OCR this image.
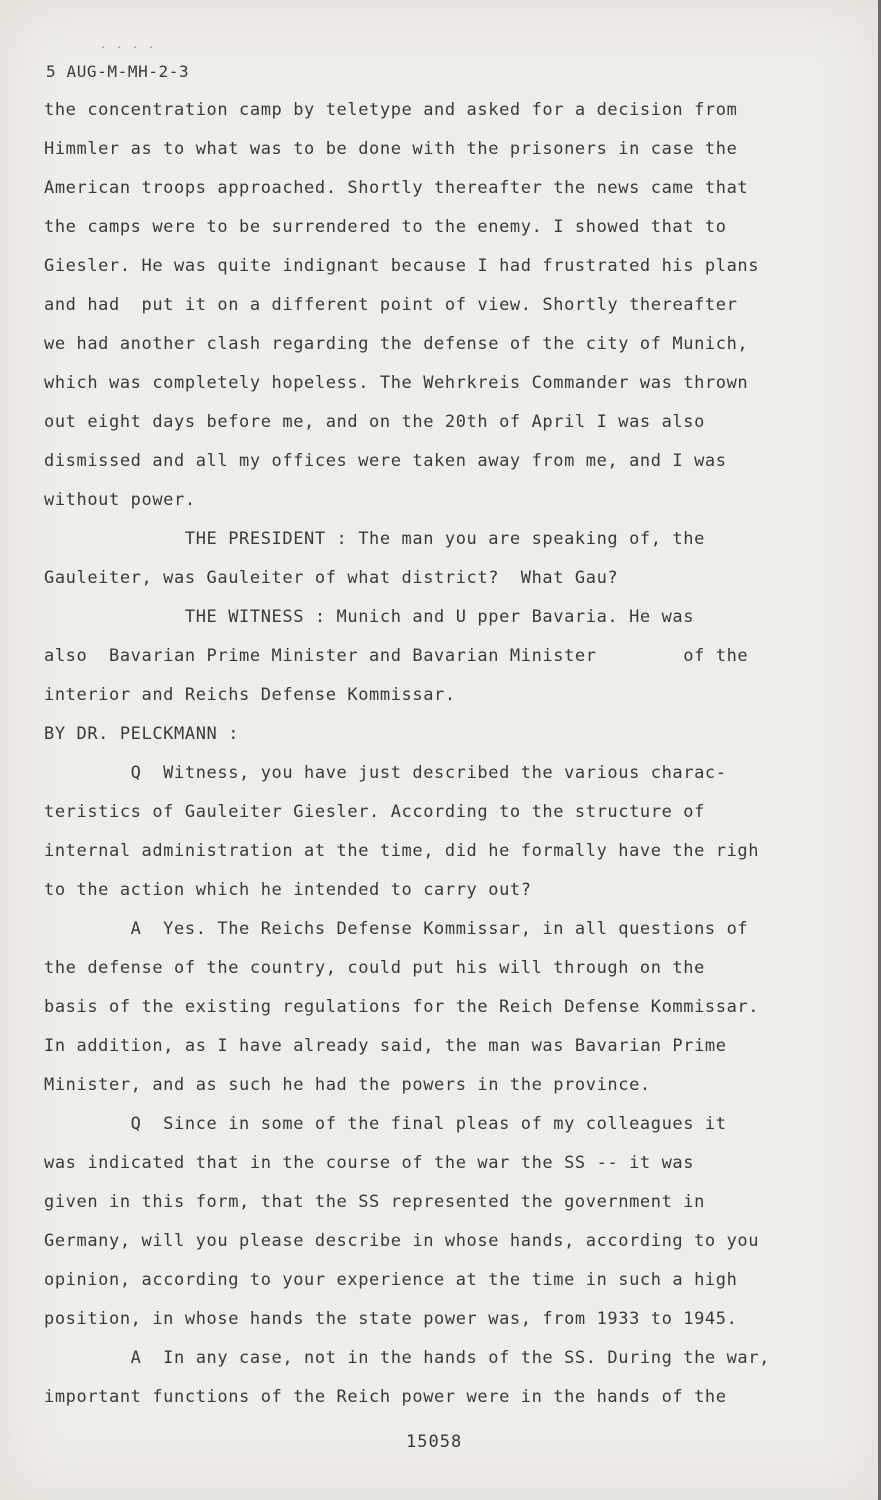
....
5 AUG-M-MH-2-3
the concentration camp by teletype and asked for a decision from
Himmler as to what was to be done with the prisoners in case the
American troops approached. Shortly thereafter the news came that
the camps were to be surrendered to the enemy. I showed that to
Giesler. He was quite indignant because I had frustrated his plans
and had  put it on a different point of view. Shortly thereafter
we had another clash regarding the defense of the city of Munich,
which was completely hopeless. The Wehrkreis Commander was thrown
out eight days before me, and on the 20th of April I was also
dismissed and all my offices were taken away from me, and I was
without power.
THE PRESIDENT : The man you are speaking of, the
Gauleiter, was Gauleiter of what district?  What Gau?
THE WITNESS : Munich and U pper Bavaria. He was
also  Bavarian Prime Minister and Bavarian Minister        of the
interior and Reichs Defense Kommissar.
BY DR. PELCKMANN :
Q  Witness, you have just described the various charac-
teristics of Gauleiter Giesler. According to the structure of
internal administration at the time, did he formally have the righ
to the action which he intended to carry out?
A  Yes. The Reichs Defense Kommissar, in all questions of
the defense of the country, could put his will through on the
basis of the existing regulations for the Reich Defense Kommissar.
In addition, as I have already said, the man was Bavarian Prime
Minister, and as such he had the powers in the province.
Q  Since in some of the final pleas of my colleagues it
was indicated that in the course of the war the SS -- it was
given in this form, that the SS represented the government in
Germany, will you please describe in whose hands, according to you
opinion, according to your experience at the time in such a high
position, in whose hands the state power was, from 1933 to 1945.
A  In any case, not in the hands of the SS. During the war,
important functions of the Reich power were in the hands of the
15058
